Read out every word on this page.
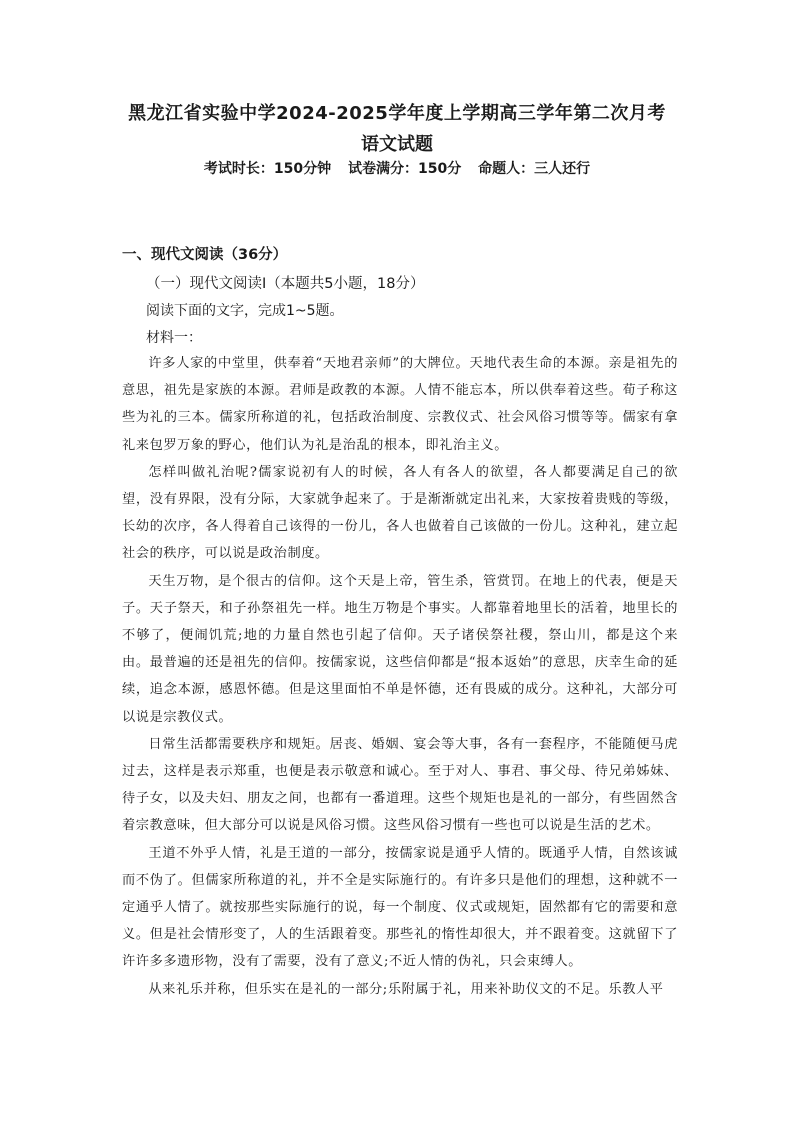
黑龙江省实验中学2024-2025学年度上学期高三学年第二次月考
语文试题
考试时长：150分钟 试卷满分：150分 命题人：三人还行
一、现代文阅读（36分）
（一）现代文阅读Ⅰ（本题共5小题，18分）
阅读下面的文字，完成1~5题。
材料一：

许多人家的中堂里，供奉着“天地君亲师”的大牌位。天地代表生命的本源。亲是祖先的意思，祖先是家族的本源。君师是政教的本源。人情不能忘本，所以供奉着这些。荀子称这些为礼的三本。儒家所称道的礼，包括政治制度、宗教仪式、社会风俗习惯等等。儒家有拿礼来包罗万象的野心，他们认为礼是治乱的根本，即礼治主义。

怎样叫做礼治呢?儒家说初有人的时候，各人有各人的欲望，各人都要满足自己的欲望，没有界限，没有分际，大家就争起来了。于是渐渐就定出礼来，大家按着贵贱的等级，长幼的次序，各人得着自己该得的一份儿，各人也做着自己该做的一份儿。这种礼，建立起社会的秩序，可以说是政治制度。

天生万物，是个很古的信仰。这个天是上帝，管生杀，管赏罚。在地上的代表，便是天子。天子祭天，和子孙祭祖先一样。地生万物是个事实。人都靠着地里长的活着，地里长的不够了，便闹饥荒;地的力量自然也引起了信仰。天子诸侯祭社稷，祭山川，都是这个来由。最普遍的还是祖先的信仰。按儒家说，这些信仰都是“报本返始”的意思，庆幸生命的延续，追念本源，感恩怀德。但是这里面怕不单是怀德，还有畏威的成分。这种礼，大部分可以说是宗教仪式。

日常生活都需要秩序和规矩。居丧、婚姻、宴会等大事，各有一套程序，不能随便马虎过去，这样是表示郑重，也便是表示敬意和诚心。至于对人、事君、事父母、待兄弟姊妹、待子女，以及夫妇、朋友之间，也都有一番道理。这些个规矩也是礼的一部分，有些固然含着宗教意味，但大部分可以说是风俗习惯。这些风俗习惯有一些也可以说是生活的艺术。

王道不外乎人情，礼是王道的一部分，按儒家说是通乎人情的。既通乎人情，自然该诚而不伪了。但儒家所称道的礼，并不全是实际施行的。有许多只是他们的理想，这种就不一定通乎人情了。就按那些实际施行的说，每一个制度、仪式或规矩，固然都有它的需要和意义。但是社会情形变了，人的生活跟着变。那些礼的惰性却很大，并不跟着变。这就留下了许许多多遗形物，没有了需要，没有了意义;不近人情的伪礼，只会束缚人。

从来礼乐并称，但乐实在是礼的一部分;乐附属于礼，用来补助仪文的不足。乐教人平
